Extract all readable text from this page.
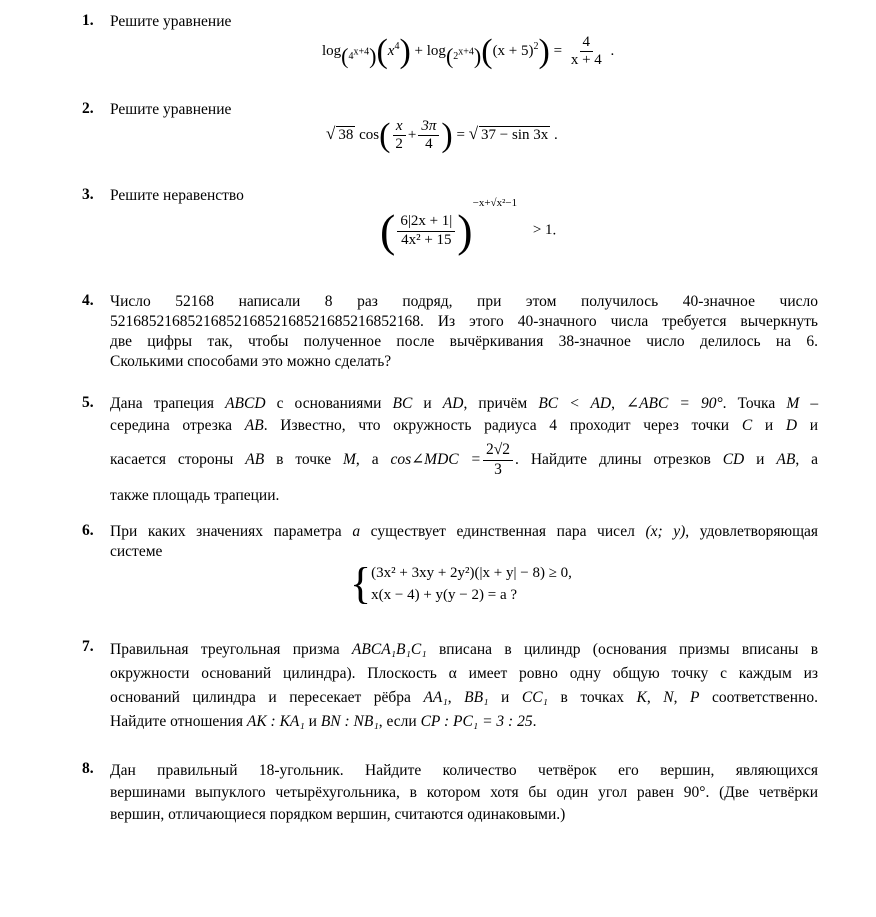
1. Решите уравнение
$\log_{(4^{x+4})}(x^4) + \log_{(2^{x+4})}((x + 5)^2) = \frac{4}{x + 4}$ .
2. Решите уравнение
√ 38 $\cos( \frac{x}{2} + \frac{3\pi}{4}$ ) = √ 37 − sin 3x .
3. Решите неравенство
( $\frac{6|2x + 1|}{\text{4x² + 15}} )^{-x+√x^2-1} > 1$.
4. Число 52168 написали 8 раз подряд, при этом получилось 40-значное число
5216852168521685216852168521685216852168. Из этого 40-значного числа требуется вычеркнуть
две цифры так, чтобы полученное после вычёркивания 38-значное число делилось на 6.
Сколькими способами это можно сделать?
5. Дана трапеция ABCD с основаниями BC и AD, причём BC < AD, ∠ABC = 90°. Точка M –
середина отрезка AB. Известно, что окружность радиуса 4 проходит через точки C и D и
касается стороны AB в точке M, а cos∠MDC = $\frac{2√2}{3}$ . Найдите длины отрезков CD и AB, а
также площадь трапеции.
6. При каких значениях параметра a существует единственная пара чисел (x; y), удовлетворяющая
системе
{ (3x² + 3xy + 2y²)(|x + y| − 8) ≥ 0,
x(x − 4) + y(y − 2) = a ?
7. Правильная треугольная призма ABCA₁B₁C₁ вписана в цилиндр (основания призмы вписаны в
окружности оснований цилиндра). Плоскость α имеет ровно одну общую точку с каждым из
оснований цилиндра и пересекает рёбра AA₁, BB₁ и CC₁ в точках K, N, P соответственно.
Найдите отношения AK : KA₁ и BN : NB₁, если CP : PC₁ = 3 : 25.
8. Дан правильный 18-угольник. Найдите количество четвёрок его вершин, являющихся
вершинами выпуклого четырёхугольника, в котором хотя бы один угол равен 90°. (Две четвёрки
вершин, отличающиеся порядком вершин, считаются одинаковыми.)
